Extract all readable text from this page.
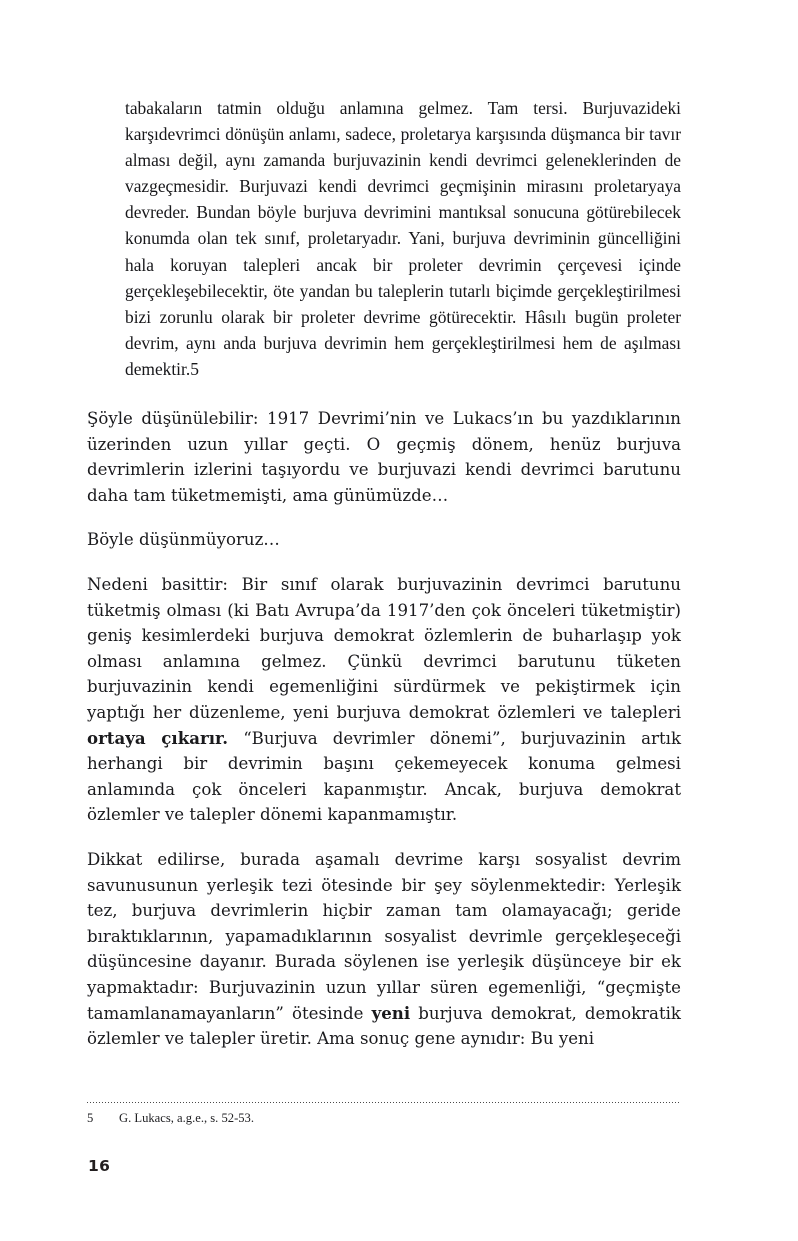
tabakaların tatmin olduğu anlamına gelmez. Tam tersi. Burjuvazideki karşıdevrimci dönüşün anlamı, sadece, proletarya karşısında düşmanca bir tavır alması değil, aynı zamanda burjuvazinin kendi devrimci geleneklerinden de vazgeçmesidir. Burjuvazi kendi devrimci geçmişinin mirasını proletaryaya devreder. Bundan böyle burjuva devrimini mantıksal sonucuna götürebilecek konumda olan tek sınıf, proletaryadır. Yani, burjuva devriminin güncelliğini hala koruyan talepleri ancak bir proleter devrimin çerçevesi içinde gerçekleşebilecektir, öte yandan bu taleplerin tutarlı biçimde gerçekleştirilmesi bizi zorunlu olarak bir proleter devrime götürecektir. Hâsılı bugün proleter devrim, aynı anda burjuva devrimin hem gerçekleştirilmesi hem de aşılması demektir.5

Şöyle düşünülebilir: 1917 Devrimi’nin ve Lukacs’ın bu yazdıklarının üzerinden uzun yıllar geçti. O geçmiş dönem, henüz burjuva devrimlerin izlerini taşıyordu ve burjuvazi kendi devrimci barutunu daha tam tüketmemişti, ama günümüzde…

Böyle düşünmüyoruz…

Nedeni basittir: Bir sınıf olarak burjuvazinin devrimci barutunu tüketmiş olması (ki Batı Avrupa’da 1917’den çok önceleri tüketmiştir) geniş kesimlerdeki burjuva demokrat özlemlerin de buharlaşıp yok olması anlamına gelmez. Çünkü devrimci barutunu tüketen burjuvazinin kendi egemenliğini sürdürmek ve pekiştirmek için yaptığı her düzenleme, yeni burjuva demokrat özlemleri ve talepleri ortaya çıkarır. “Burjuva devrimler dönemi”, burjuvazinin artık herhangi bir devrimin başını çekemeyecek konuma gelmesi anlamında çok önceleri kapanmıştır. Ancak, burjuva demokrat özlemler ve talepler dönemi kapanmamıştır.

Dikkat edilirse, burada aşamalı devrime karşı sosyalist devrim savunusunun yerleşik tezi ötesinde bir şey söylenmektedir: Yerleşik tez, burjuva devrimlerin hiçbir zaman tam olamayacağı; geride bıraktıklarının, yapamadıklarının sosyalist devrimle gerçekleşeceği düşüncesine dayanır. Burada söylenen ise yerleşik düşünceye bir ek yapmaktadır: Burjuvazinin uzun yıllar süren egemenliği, “geçmişte tamamlanamayanların” ötesinde yeni burjuva demokrat, demokratik özlemler ve talepler üretir. Ama sonuç gene aynıdır: Bu yeni

5	G. Lukacs, a.g.e., s. 52-53.
16
